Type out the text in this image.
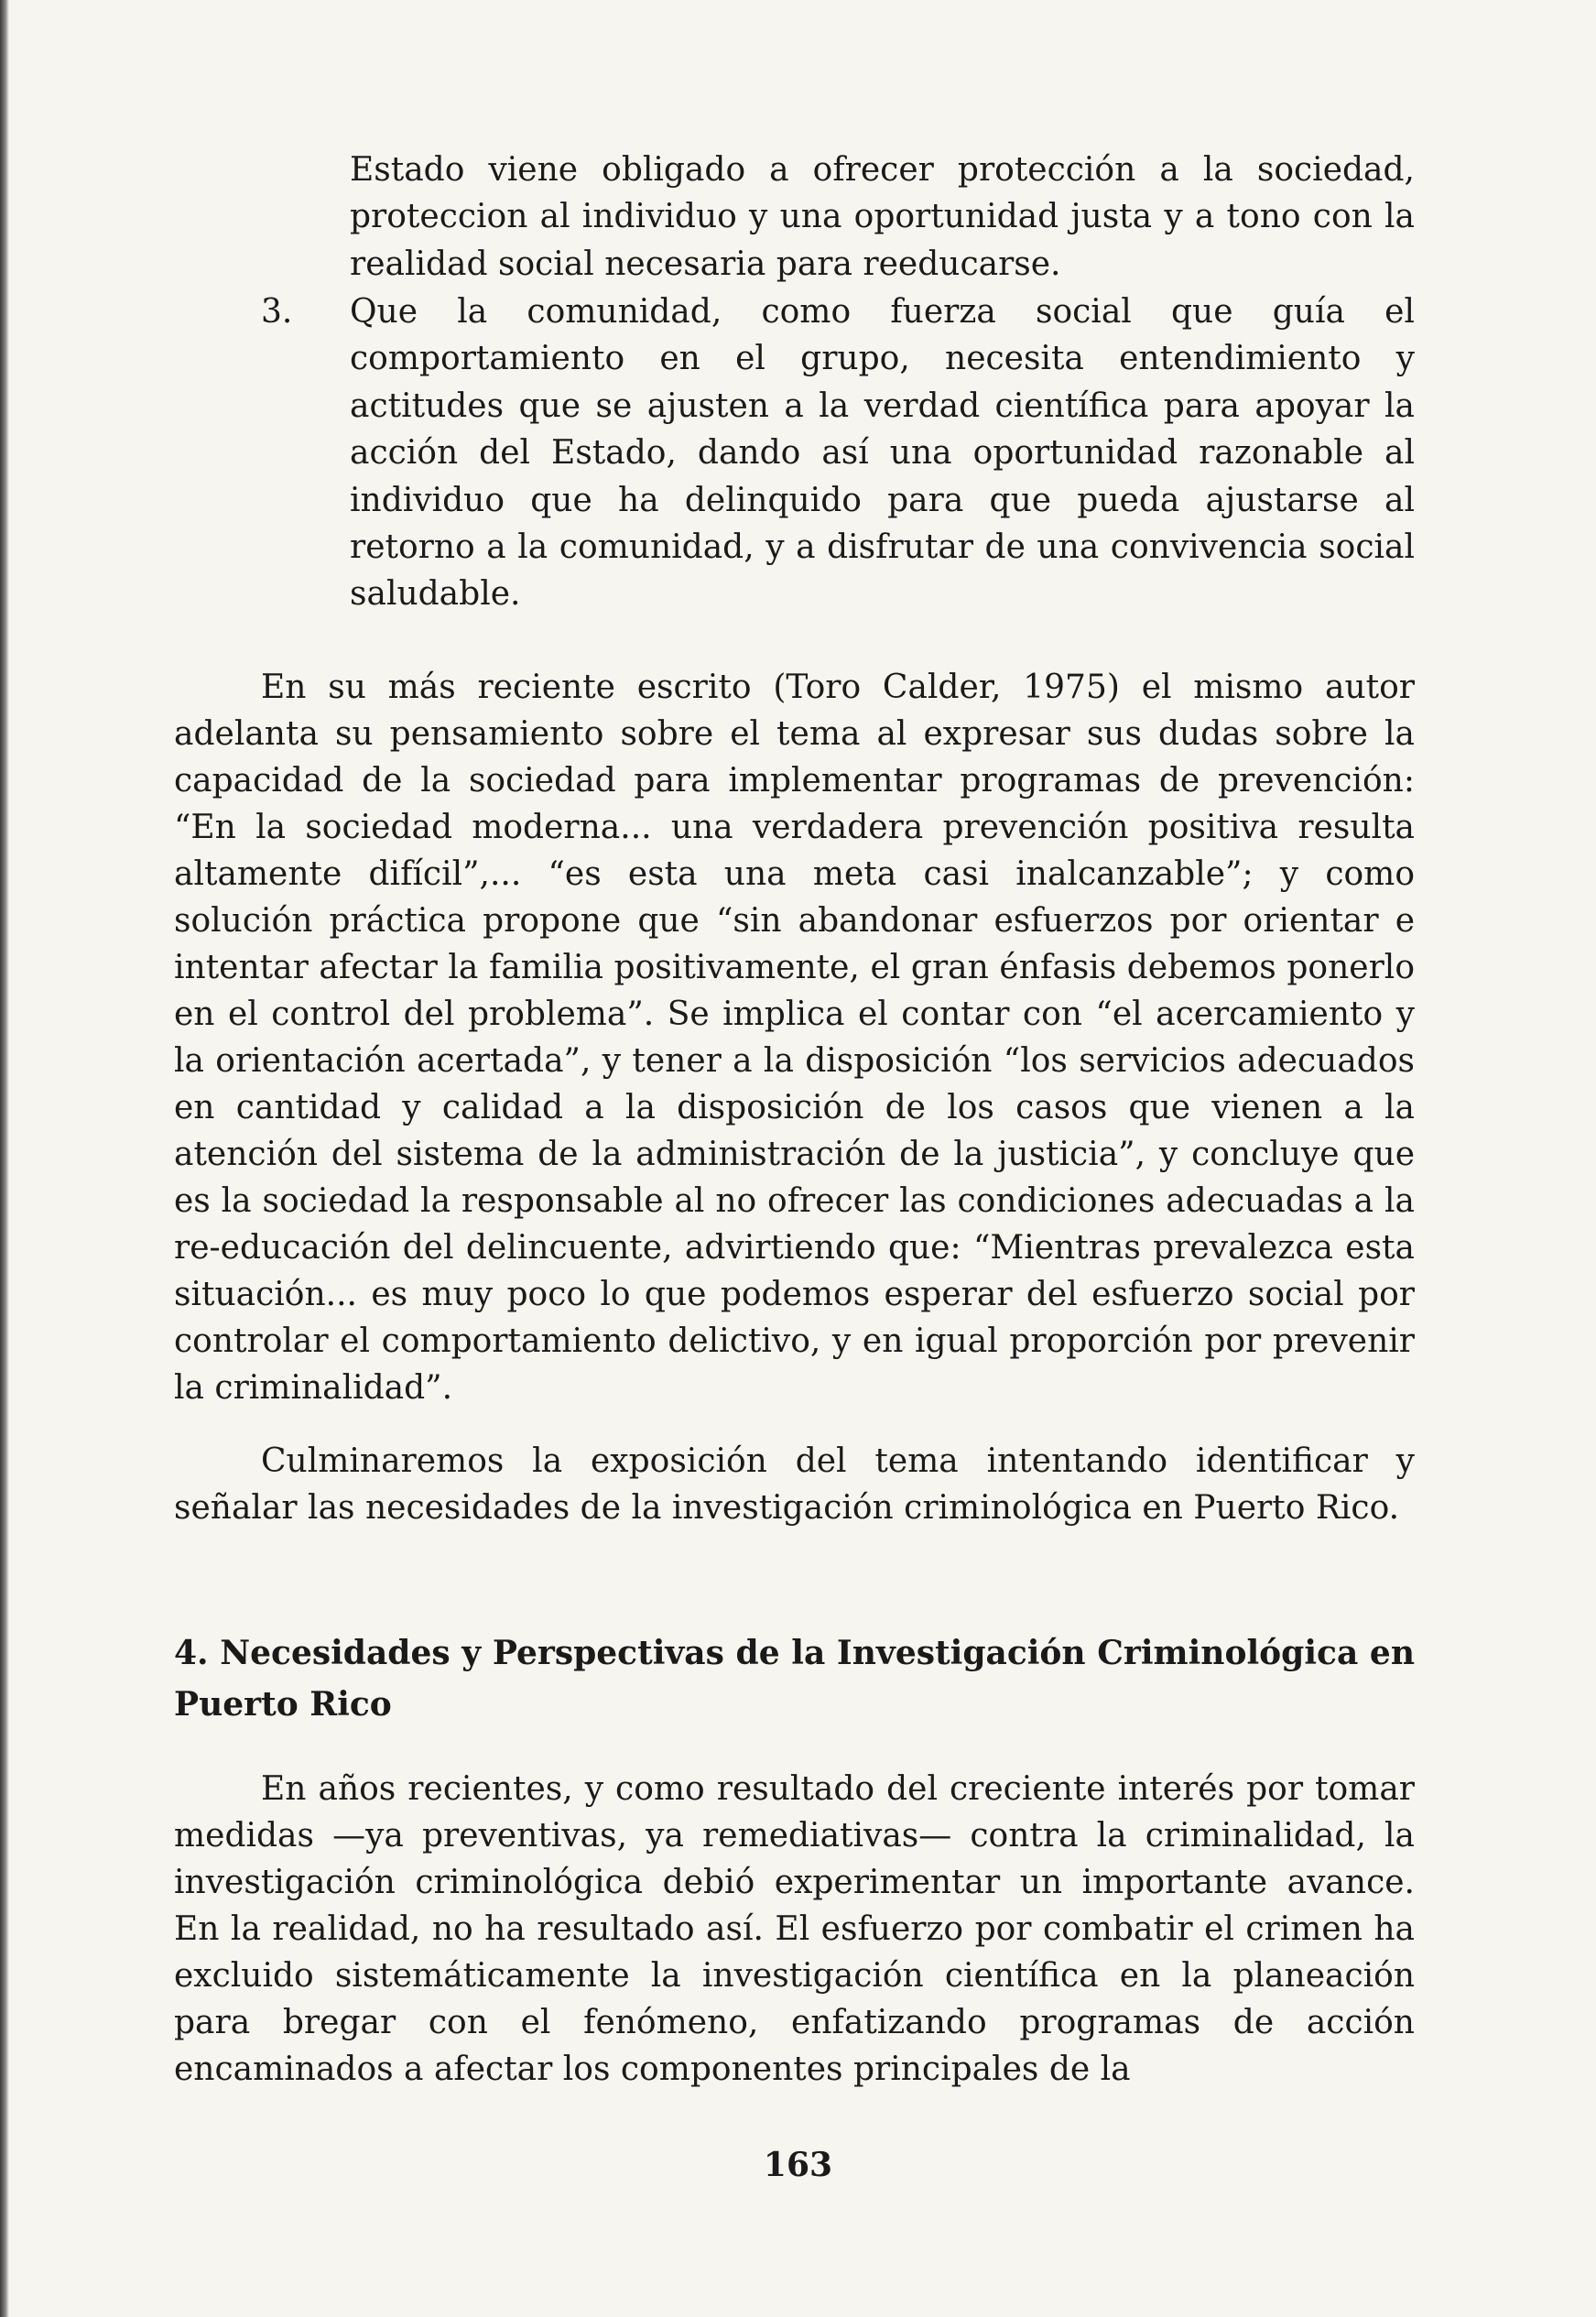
Estado viene obligado a ofrecer protección a la sociedad, proteccion al individuo y una oportunidad justa y a tono con la realidad social necesaria para reeducarse.

3. Que la comunidad, como fuerza social que guía el comportamiento en el grupo, necesita entendimiento y actitudes que se ajusten a la verdad científica para apoyar la acción del Estado, dando así una oportunidad razonable al individuo que ha delinquido para que pueda ajustarse al retorno a la comunidad, y a disfrutar de una convivencia social saludable.

En su más reciente escrito (Toro Calder, 1975) el mismo autor adelanta su pensamiento sobre el tema al expresar sus dudas sobre la capacidad de la sociedad para implementar programas de prevención: “En la sociedad moderna... una verdadera prevención positiva resulta altamente difícil”,... “es esta una meta casi inalcanzable”; y como solución práctica propone que “sin abandonar esfuerzos por orientar e intentar afectar la familia positivamente, el gran énfasis debemos ponerlo en el control del problema”. Se implica el contar con “el acercamiento y la orientación acertada”, y tener a la disposición “los servicios adecuados en cantidad y calidad a la disposición de los casos que vienen a la atención del sistema de la administración de la justicia”, y concluye que es la sociedad la responsable al no ofrecer las condiciones adecuadas a la re-educación del delincuente, advirtiendo que: “Mientras prevalezca esta situación... es muy poco lo que podemos esperar del esfuerzo social por controlar el comportamiento delictivo, y en igual proporción por prevenir la criminalidad”.

Culminaremos la exposición del tema intentando identificar y señalar las necesidades de la investigación criminológica en Puerto Rico.

4. Necesidades y Perspectivas de la Investigación Criminológica en Puerto Rico

En años recientes, y como resultado del creciente interés por tomar medidas —ya preventivas, ya remediativas— contra la criminalidad, la investigación criminológica debió experimentar un importante avance. En la realidad, no ha resultado así. El esfuerzo por combatir el crimen ha excluido sistemáticamente la investigación científica en la planeación para bregar con el fenómeno, enfatizando programas de acción encaminados a afectar los componentes principales de la

163
